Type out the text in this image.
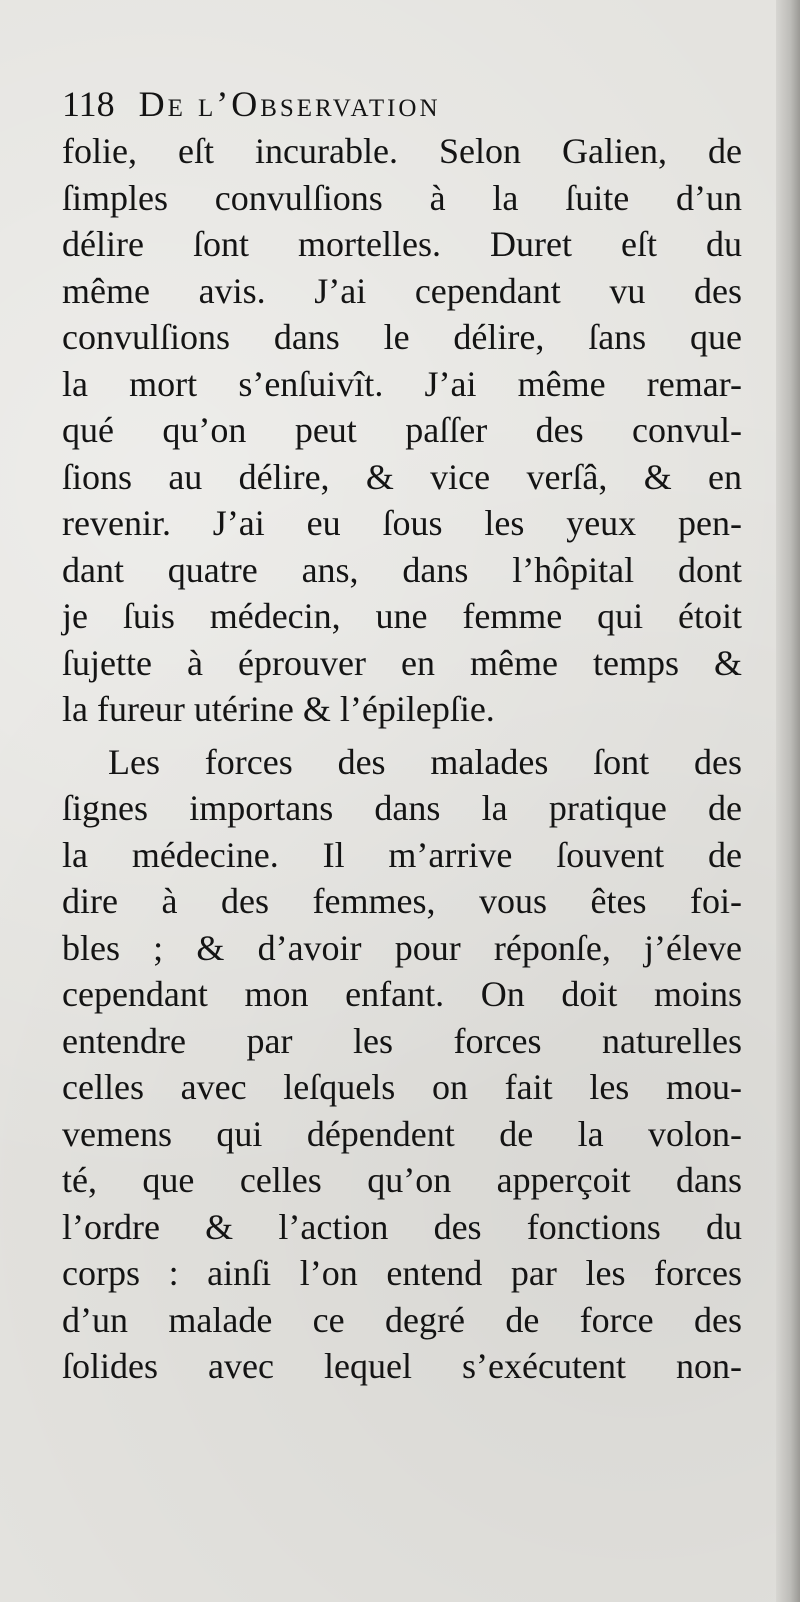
118 De l’Observation
folie, eſt incurable. Selon Galien, de
ſimples convulſions à la ſuite d’un
délire ſont mortelles. Duret eſt du
même avis. J’ai cependant vu des
convulſions dans le délire, ſans que
la mort s’enſuivît. J’ai même remar-
qué qu’on peut paſſer des convul-
ſions au délire, & vice verſâ, & en
revenir. J’ai eu ſous les yeux pen-
dant quatre ans, dans l’hôpital dont
je ſuis médecin, une femme qui étoit
ſujette à éprouver en même temps &
la fureur utérine & l’épilepſie.
Les forces des malades ſont des
ſignes importans dans la pratique de
la médecine. Il m’arrive ſouvent de
dire à des femmes, vous êtes foi-
bles ; & d’avoir pour réponſe, j’éleve
cependant mon enfant. On doit moins
entendre par les forces naturelles
celles avec leſquels on fait les mou-
vemens qui dépendent de la volon-
té, que celles qu’on apperçoit dans
l’ordre & l’action des fonctions du
corps : ainſi l’on entend par les forces
d’un malade ce degré de force des
ſolides avec lequel s’exécutent non-
